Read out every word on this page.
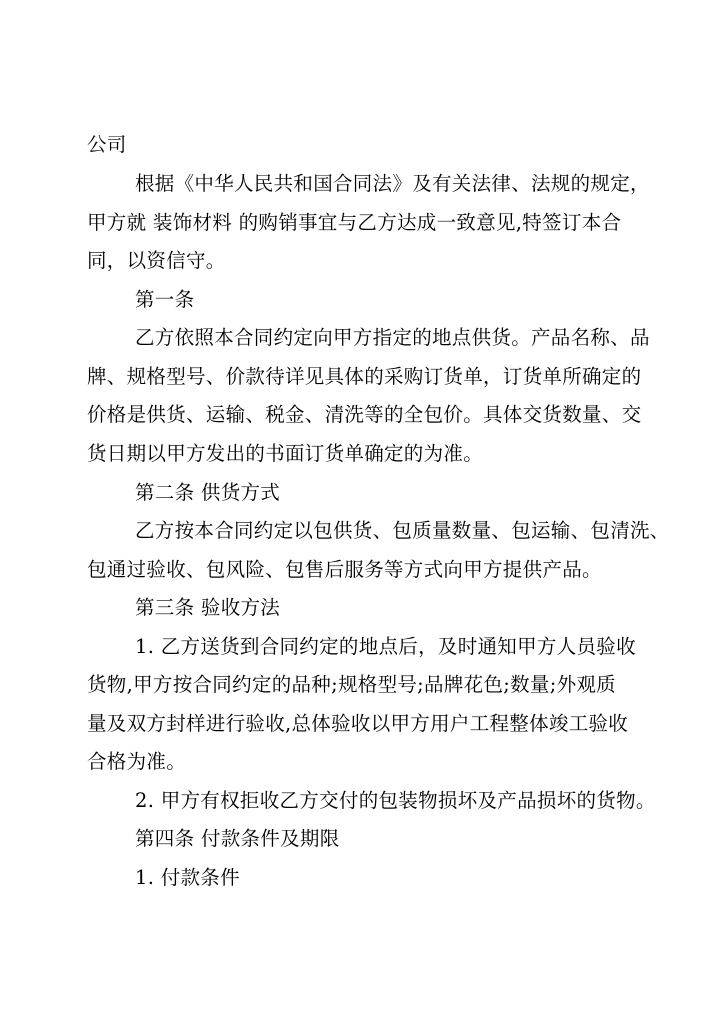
公司
根据《中华人民共和国合同法》及有关法律、法规的规定，
甲方就 装饰材料 的购销事宜与乙方达成一致意见,特签订本合
同，以资信守。
第一条
乙方依照本合同约定向甲方指定的地点供货。产品名称、品
牌、规格型号、价款待详见具体的采购订货单，订货单所确定的
价格是供货、运输、税金、清洗等的全包价。具体交货数量、交
货日期以甲方发出的书面订货单确定的为准。
第二条 供货方式
乙方按本合同约定以包供货、包质量数量、包运输、包清洗、
包通过验收、包风险、包售后服务等方式向甲方提供产品。
第三条 验收方法
1. 乙方送货到合同约定的地点后，及时通知甲方人员验收
货物,甲方按合同约定的品种;规格型号;品牌花色;数量;外观质
量及双方封样进行验收,总体验收以甲方用户工程整体竣工验收
合格为准。
2. 甲方有权拒收乙方交付的包装物损坏及产品损坏的货物。
第四条 付款条件及期限
1. 付款条件
